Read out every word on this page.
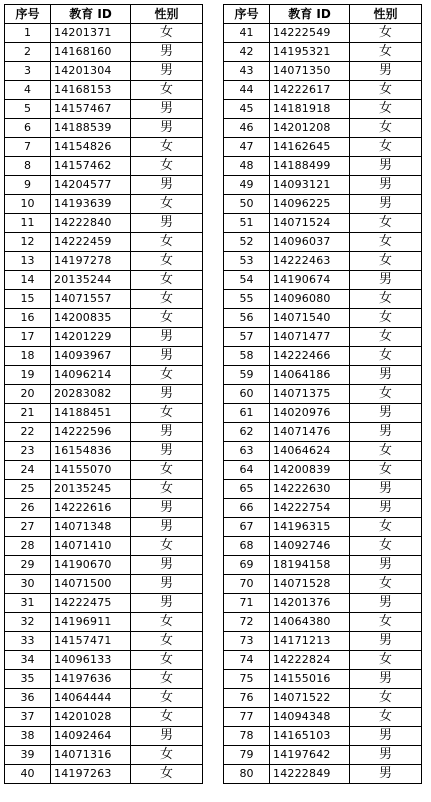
序号	教育 ID	性别
1	14201371	女
2	14168160	男
3	14201304	男
4	14168153	女
5	14157467	男
6	14188539	男
7	14154826	女
8	14157462	女
9	14204577	男
10	14193639	女
11	14222840	男
12	14222459	女
13	14197278	女
14	20135244	女
15	14071557	女
16	14200835	女
17	14201229	男
18	14093967	男
19	14096214	女
20	20283082	男
21	14188451	女
22	14222596	男
23	16154836	男
24	14155070	女
25	20135245	女
26	14222616	男
27	14071348	男
28	14071410	女
29	14190670	男
30	14071500	男
31	14222475	男
32	14196911	女
33	14157471	女
34	14096133	女
35	14197636	女
36	14064444	女
37	14201028	女
38	14092464	男
39	14071316	女
40	14197263	女
序号	教育 ID	性别
41	14222549	女
42	14195321	女
43	14071350	男
44	14222617	女
45	14181918	女
46	14201208	女
47	14162645	女
48	14188499	男
49	14093121	男
50	14096225	男
51	14071524	女
52	14096037	女
53	14222463	女
54	14190674	男
55	14096080	女
56	14071540	女
57	14071477	女
58	14222466	女
59	14064186	男
60	14071375	女
61	14020976	男
62	14071476	男
63	14064624	女
64	14200839	女
65	14222630	男
66	14222754	男
67	14196315	女
68	14092746	女
69	18194158	男
70	14071528	女
71	14201376	男
72	14064380	女
73	14171213	男
74	14222824	女
75	14155016	男
76	14071522	女
77	14094348	女
78	14165103	男
79	14197642	男
80	14222849	男
